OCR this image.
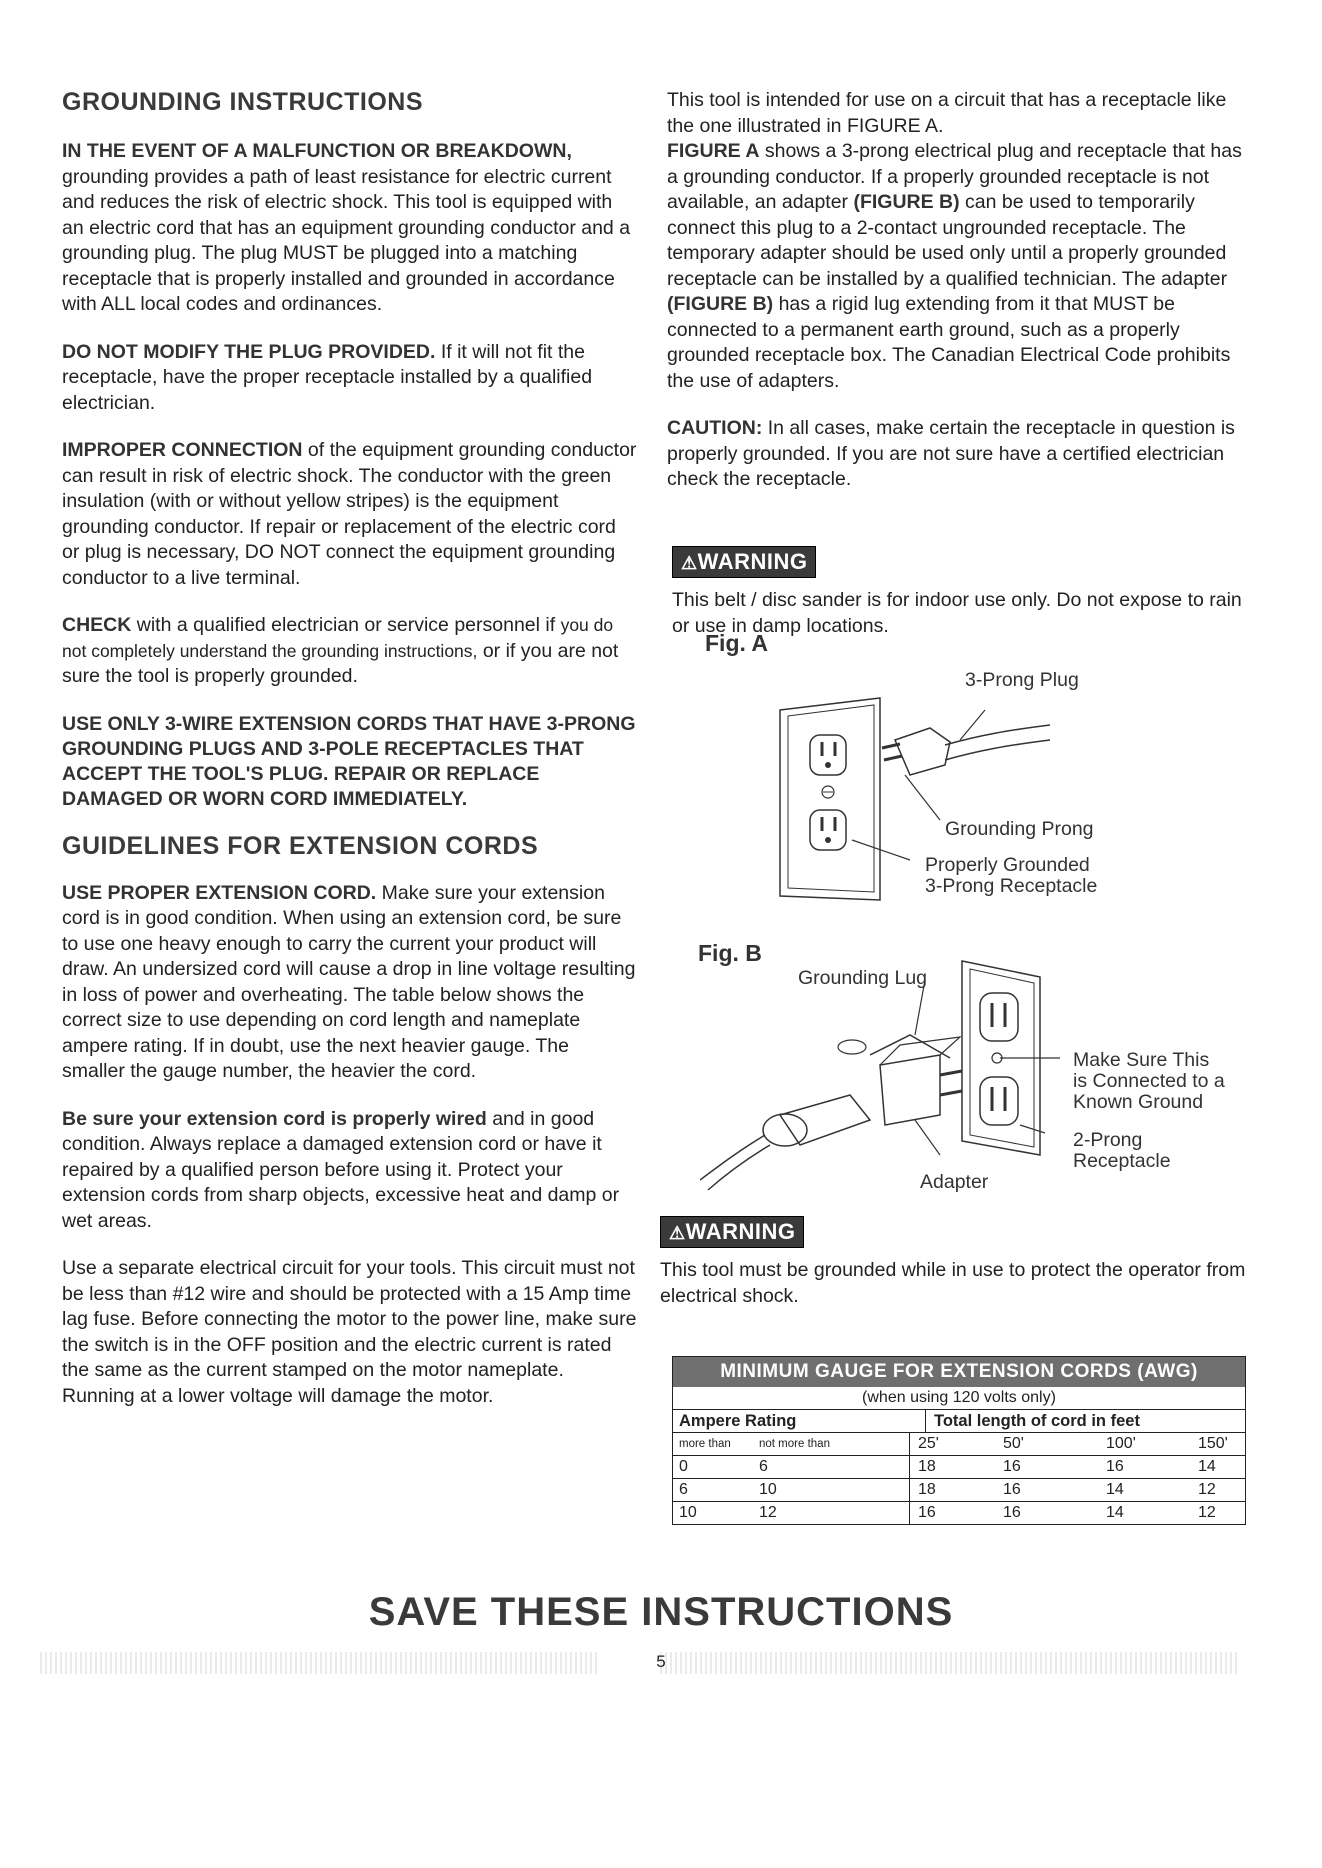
GROUNDING INSTRUCTIONS

IN THE EVENT OF A MALFUNCTION OR BREAKDOWN,
grounding provides a path of least resistance for electric current and reduces the risk of electric shock. This tool is equipped with an electric cord that has an equipment grounding conductor and a grounding plug. The plug MUST be plugged into a matching receptacle that is properly installed and grounded in accordance with ALL local codes and ordinances.

DO NOT MODIFY THE PLUG PROVIDED. If it will not fit the receptacle, have the proper receptacle installed by a qualified electrician.

IMPROPER CONNECTION of the equipment grounding conductor can result in risk of electric shock. The conductor with the green insulation (with or without yellow stripes) is the equipment grounding conductor. If repair or replacement of the electric cord or plug is necessary, DO NOT connect the equipment grounding conductor to a live terminal.

CHECK with a qualified electrician or service personnel if you do not completely understand the grounding instructions, or if you are not sure the tool is properly grounded.

USE ONLY 3-WIRE EXTENSION CORDS THAT HAVE 3-PRONG GROUNDING PLUGS AND 3-POLE RECEPTACLES THAT ACCEPT THE TOOL'S PLUG. REPAIR OR REPLACE DAMAGED OR WORN CORD IMMEDIATELY.
GUIDELINES FOR EXTENSION CORDS

USE PROPER EXTENSION CORD. Make sure your extension cord is in good condition. When using an extension cord, be sure to use one heavy enough to carry the current your product will draw. An undersized cord will cause a drop in line voltage resulting in loss of power and overheating. The table below shows the correct size to use depending on cord length and nameplate ampere rating. If in doubt, use the next heavier gauge. The smaller the gauge number, the heavier the cord.

Be sure your extension cord is properly wired and in good condition. Always replace a damaged extension cord or have it repaired by a qualified person before using it. Protect your extension cords from sharp objects, excessive heat and damp or wet areas.

Use a separate electrical circuit for your tools. This circuit must not be less than #12 wire and should be protected with a 15 Amp time lag fuse. Before connecting the motor to the power line, make sure the switch is in the OFF position and the electric current is rated the same as the current stamped on the motor nameplate. Running at a lower voltage will damage the motor.

This tool is intended for use on a circuit that has a receptacle like the one illustrated in FIGURE A.

FIGURE A shows a 3-prong electrical plug and receptacle that has a grounding conductor. If a properly grounded receptacle is not available, an adapter (FIGURE B) can be used to temporarily connect this plug to a 2-contact ungrounded receptacle. The temporary adapter should be used only until a properly grounded receptacle can be installed by a qualified technician. The adapter (FIGURE B) has a rigid lug extending from it that MUST be connected to a permanent earth ground, such as a properly grounded receptacle box. The Canadian Electrical Code prohibits the use of adapters.

CAUTION: In all cases, make certain the receptacle in question is properly grounded. If you are not sure have a certified electrician check the receptacle.

⚠WARNING

This belt / disc sander is for indoor use only. Do not expose to rain or use in damp locations.

Fig. A
3-Prong Plug
Grounding Prong
Properly Grounded
3-Prong Receptacle
Fig. B
Grounding Lug
Make Sure This
is Connected to a
Known Ground
2-Prong
Receptacle
Adapter
⚠WARNING

This tool must be grounded while in use to protect the operator from electrical shock.

MINIMUM GAUGE FOR EXTENSION CORDS (AWG)
(when using 120 volts only)
Ampere Rating	Total length of cord in feet
more than	not more than	25'	50'	100'	150'
0	6	18	16	16	14
6	10	18	16	14	12
10	12	16	16	14	12
SAVE THESE INSTRUCTIONS
5
